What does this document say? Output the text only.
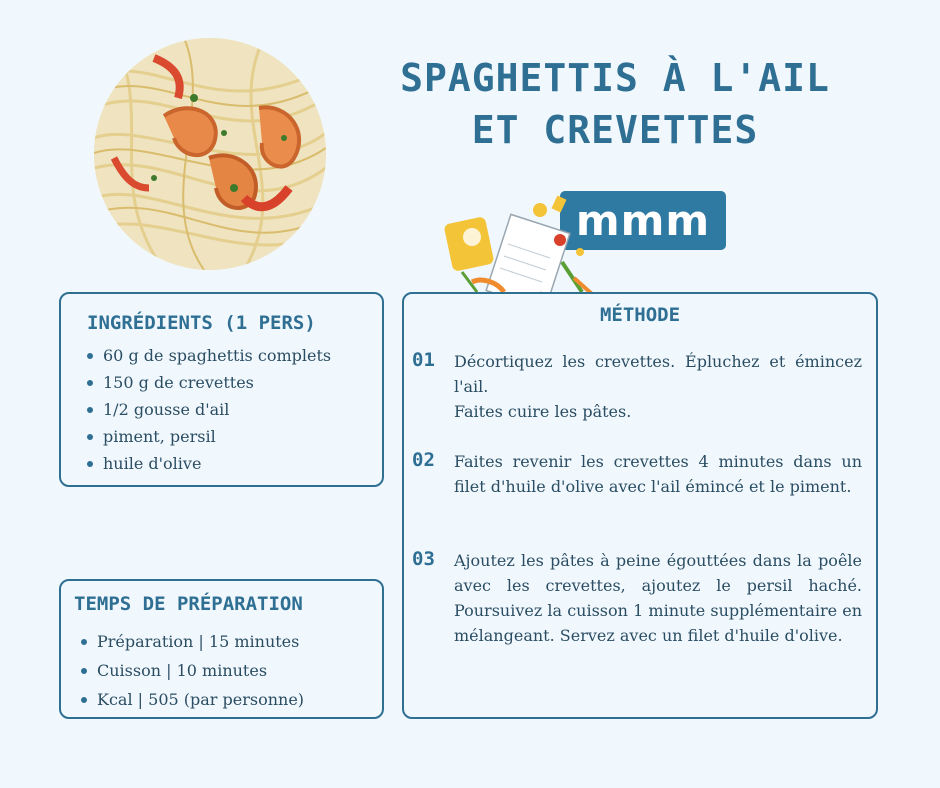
SPAGHETTIS À L'AIL
ET CREVETTES
mmm
INGRÉDIENTS (1 PERS)
60 g de spaghettis complets
150 g de crevettes
1/2 gousse d'ail
piment, persil
huile d'olive
TEMPS DE PRÉPARATION
Préparation | 15 minutes
Cuisson | 10 minutes
Kcal | 505 (par personne)
MÉTHODE
01 Décortiquez les crevettes. Épluchez et émincez l'ail.
Faites cuire les pâtes.
02 Faites revenir les crevettes 4 minutes dans un filet d'huile d'olive avec l'ail émincé et le piment.
03 Ajoutez les pâtes à peine égouttées dans la poêle avec les crevettes, ajoutez le persil haché. Poursuivez la cuisson 1 minute supplémentaire en mélangeant. Servez avec un filet d'huile d'olive.
